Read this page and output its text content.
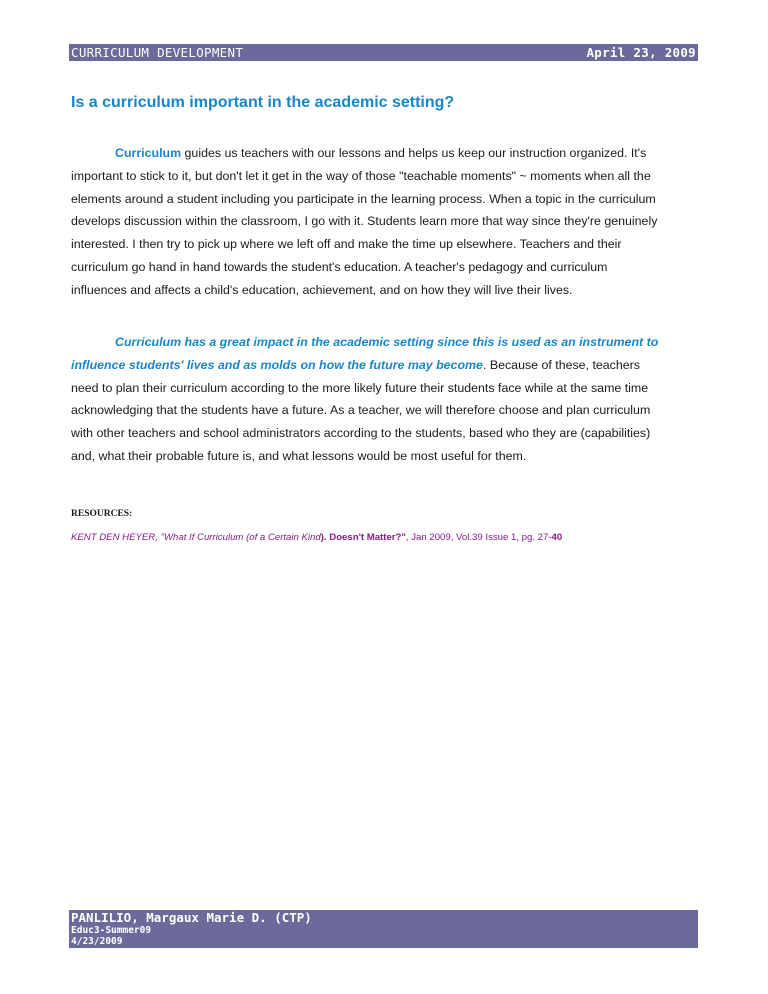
CURRICULUM DEVELOPMENT	April 23, 2009
Is a curriculum important in the academic setting?
Curriculum guides us teachers with our lessons and helps us keep our instruction organized. It's
important to stick to it, but don't let it get in the way of those "teachable moments" ~ moments when all the
elements around a student including you participate in the learning process. When a topic in the curriculum
develops discussion within the classroom, I go with it. Students learn more that way since they're genuinely
interested. I then try to pick up where we left off and make the time up elsewhere. Teachers and their
curriculum go hand in hand towards the student's education. A teacher's pedagogy and curriculum
influences and affects a child's education, achievement, and on how they will live their lives.
Curriculum has a great impact in the academic setting since this is used as an instrument to
influence students' lives and as molds on how the future may become. Because of these, teachers
need to plan their curriculum according to the more likely future their students face while at the same time
acknowledging that the students have a future. As a teacher, we will therefore choose and plan curriculum
with other teachers and school administrators according to the students, based who they are (capabilities)
and, what their probable future is, and what lessons would be most useful for them.

RESOURCES:

KENT DEN HEYER, "What If Curriculum (of a Certain Kind). Doesn't Matter?", Jan 2009, Vol.39 Issue 1, pg. 27-40

PANLILIO, Margaux Marie D. (CTP)
Educ3-Summer09
4/23/2009
